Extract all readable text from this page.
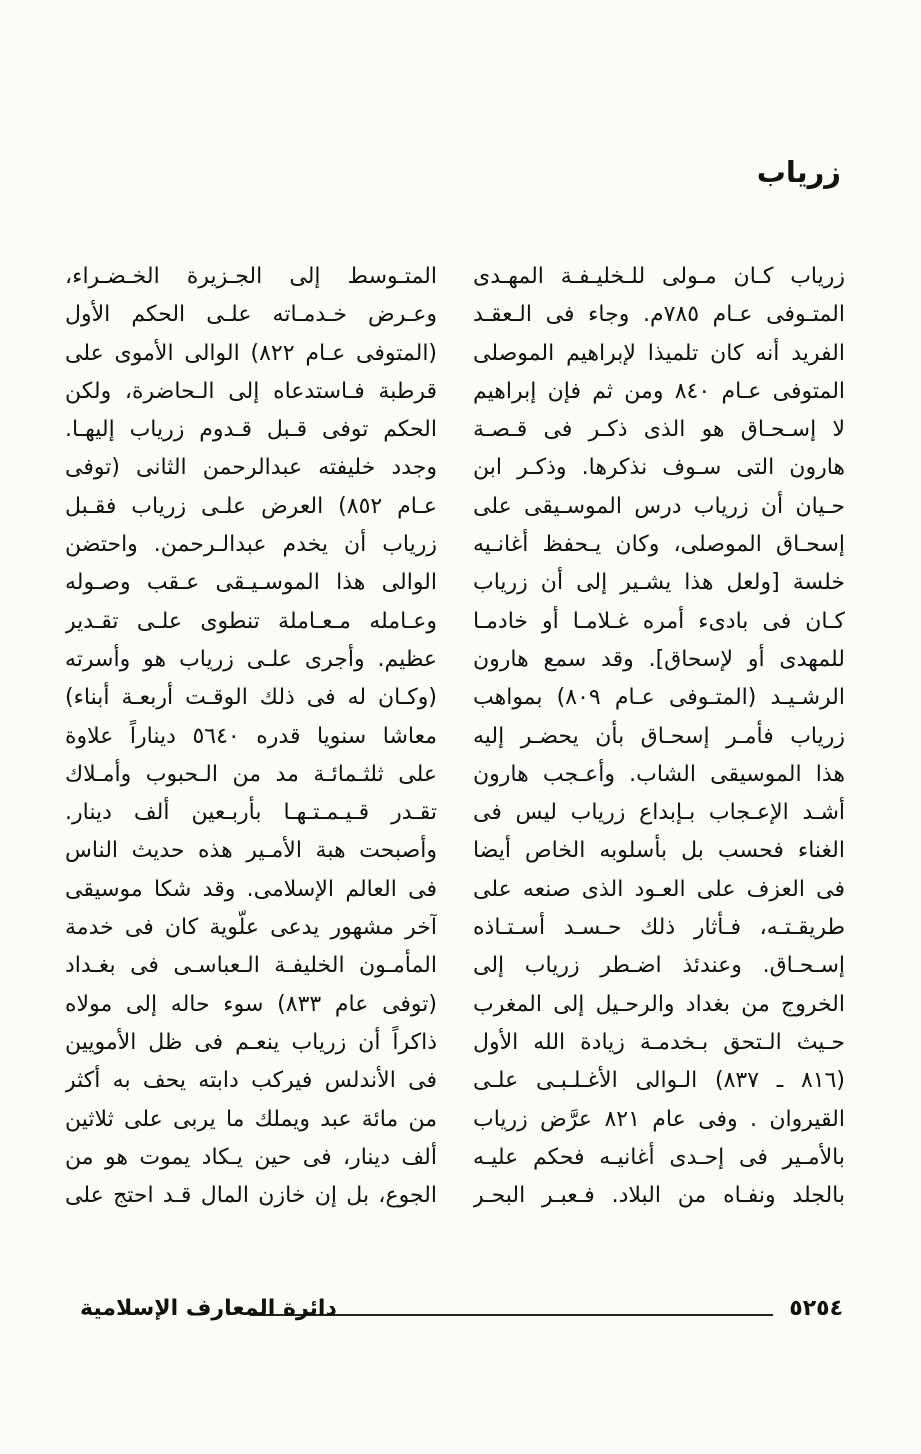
زرياب
زرياب كـان مـولى للـخليـفـة المهـدى
المتـوفى عـام ٧٨٥م. وجاء فى الـعقـد
الفريد أنه كان تلميذا لإبراهيم الموصلى
المتوفى عـام ٨٤٠ ومن ثم فإن إبراهيم
لا إسـحـاق هو الذى ذكـر فى قـصـة
هارون التى سـوف نذكرها. وذكـر ابن
حـيان أن زرياب درس الموسـيقى على
إسحـاق الموصلى، وكان يـحفظ أغانـيه
خلسة [ولعل هذا يشـير إلى أن زرياب
كـان فى بادىء أمره غـلامـا أو خادمـا
للمهدى أو لإسحاق]. وقد سمع هارون
الرشـيـد (المتـوفى عـام ٨٠٩) بمواهب
زرياب فأمـر إسحـاق بأن يحضـر إليه
هذا الموسيقى الشاب. وأعـجب هارون
أشـد الإعـجاب بـإبداع زرياب ليس فى
الغناء فحسب بل بأسلوبه الخاص أيضا
فى العزف على العـود الذى صنعه على
طريقـتـه، فـأثار ذلك حـسـد أسـتـاذه
إسـحـاق. وعندئذ اضـطر زرياب إلى
الخروج من بغداد والرحـيل إلى المغرب
حـيث الـتحق بـخدمـة زيادة الله الأول
(٨١٦ ـ ٨٣٧) الـوالى الأغـلـبـى علـى
القيروان . وفى عام ٨٢١ عرَّض زرياب
بالأمـير فى إحـدى أغانيـه فحكم عليـه
بالجلد ونفـاه من البلاد. فـعبـر البحـر
المتـوسط إلى الجـزيرة الخـضـراء،
وعـرض خـدمـاته علـى الحكم الأول
(المتوفى عـام ٨٢٢) الوالى الأموى على
قرطبة فـاستدعاه إلى الـحاضرة، ولكن
الحكم توفى قـبل قـدوم زرياب إليهـا.
وجدد خليفته عبدالرحمن الثانى (توفى
عـام ٨٥٢) العرض علـى زرياب فقـبل
زرياب أن يخدم عبدالـرحمن. واحتضن
الوالى هذا الموسـيـقى عـقب وصـوله
وعـامله مـعـاملة تنطوى علـى تقـدير
عظيم. وأجرى علـى زرياب هو وأسرته
(وكـان له فى ذلك الوقـت أربعـة أبناء)
معاشا سنويا قدره ٥٦٤٠ ديناراً علاوة
على ثلثـمائـة مد من الـحبوب وأمـلاك
تقـدر قـيـمـتـهـا بأربـعين ألف دينار.
وأصبحت هبة الأمـير هذه حديث الناس
فى العالم الإسلامى. وقد شكا موسيقى
آخر مشهور يدعى علّوية كان فى خدمة
المأمـون الخليفـة الـعباسـى فى بغـداد
(توفى عام ٨٣٣) سوء حاله إلى مولاه
ذاكراً أن زرياب ينعـم فى ظل الأمويين
فى الأندلس فيركب دابته يحف به أكثر
من مائة عبد ويملك ما يربى على ثلاثين
ألف دينار، فى حين يـكاد يموت هو من
الجوع، بل إن خازن المال قـد احتج على
٥٢٥٤
دائرة المعارف الإسلامية
